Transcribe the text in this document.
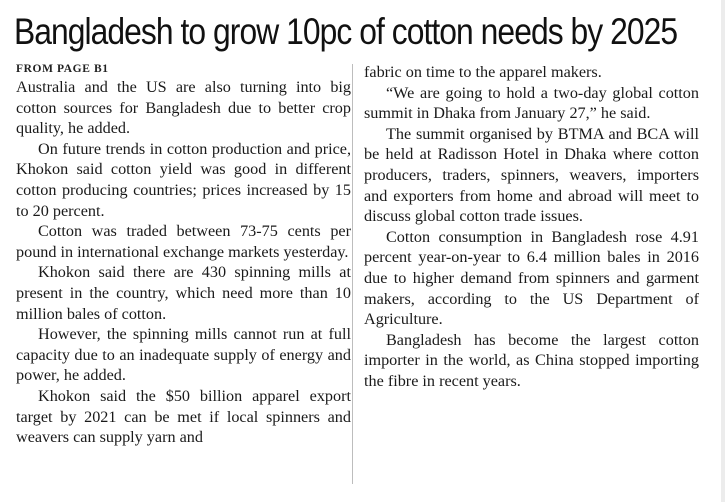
Bangladesh to grow 10pc of cotton needs by 2025
FROM PAGE B1

Australia and the US are also turning into big cotton sources for Bangladesh due to better crop quality, he added.

On future trends in cotton production and price, Khokon said cotton yield was good in different cotton producing countries; prices increased by 15 to 20 percent.

Cotton was traded between 73-75 cents per pound in international exchange markets yesterday.

Khokon said there are 430 spinning mills at present in the country, which need more than 10 million bales of cotton.

However, the spinning mills cannot run at full capacity due to an inadequate supply of energy and power, he added.

Khokon said the $50 billion apparel export target by 2021 can be met if local spinners and weavers can supply yarn and

fabric on time to the apparel makers.

“We are going to hold a two-day global cotton summit in Dhaka from January 27,” he said.

The summit organised by BTMA and BCA will be held at Radisson Hotel in Dhaka where cotton producers, traders, spinners, weavers, importers and exporters from home and abroad will meet to discuss global cotton trade issues.

Cotton consumption in Bangladesh rose 4.91 percent year-on-year to 6.4 million bales in 2016 due to higher demand from spinners and garment makers, according to the US Department of Agriculture.

Bangladesh has become the largest cotton importer in the world, as China stopped importing the fibre in recent years.
